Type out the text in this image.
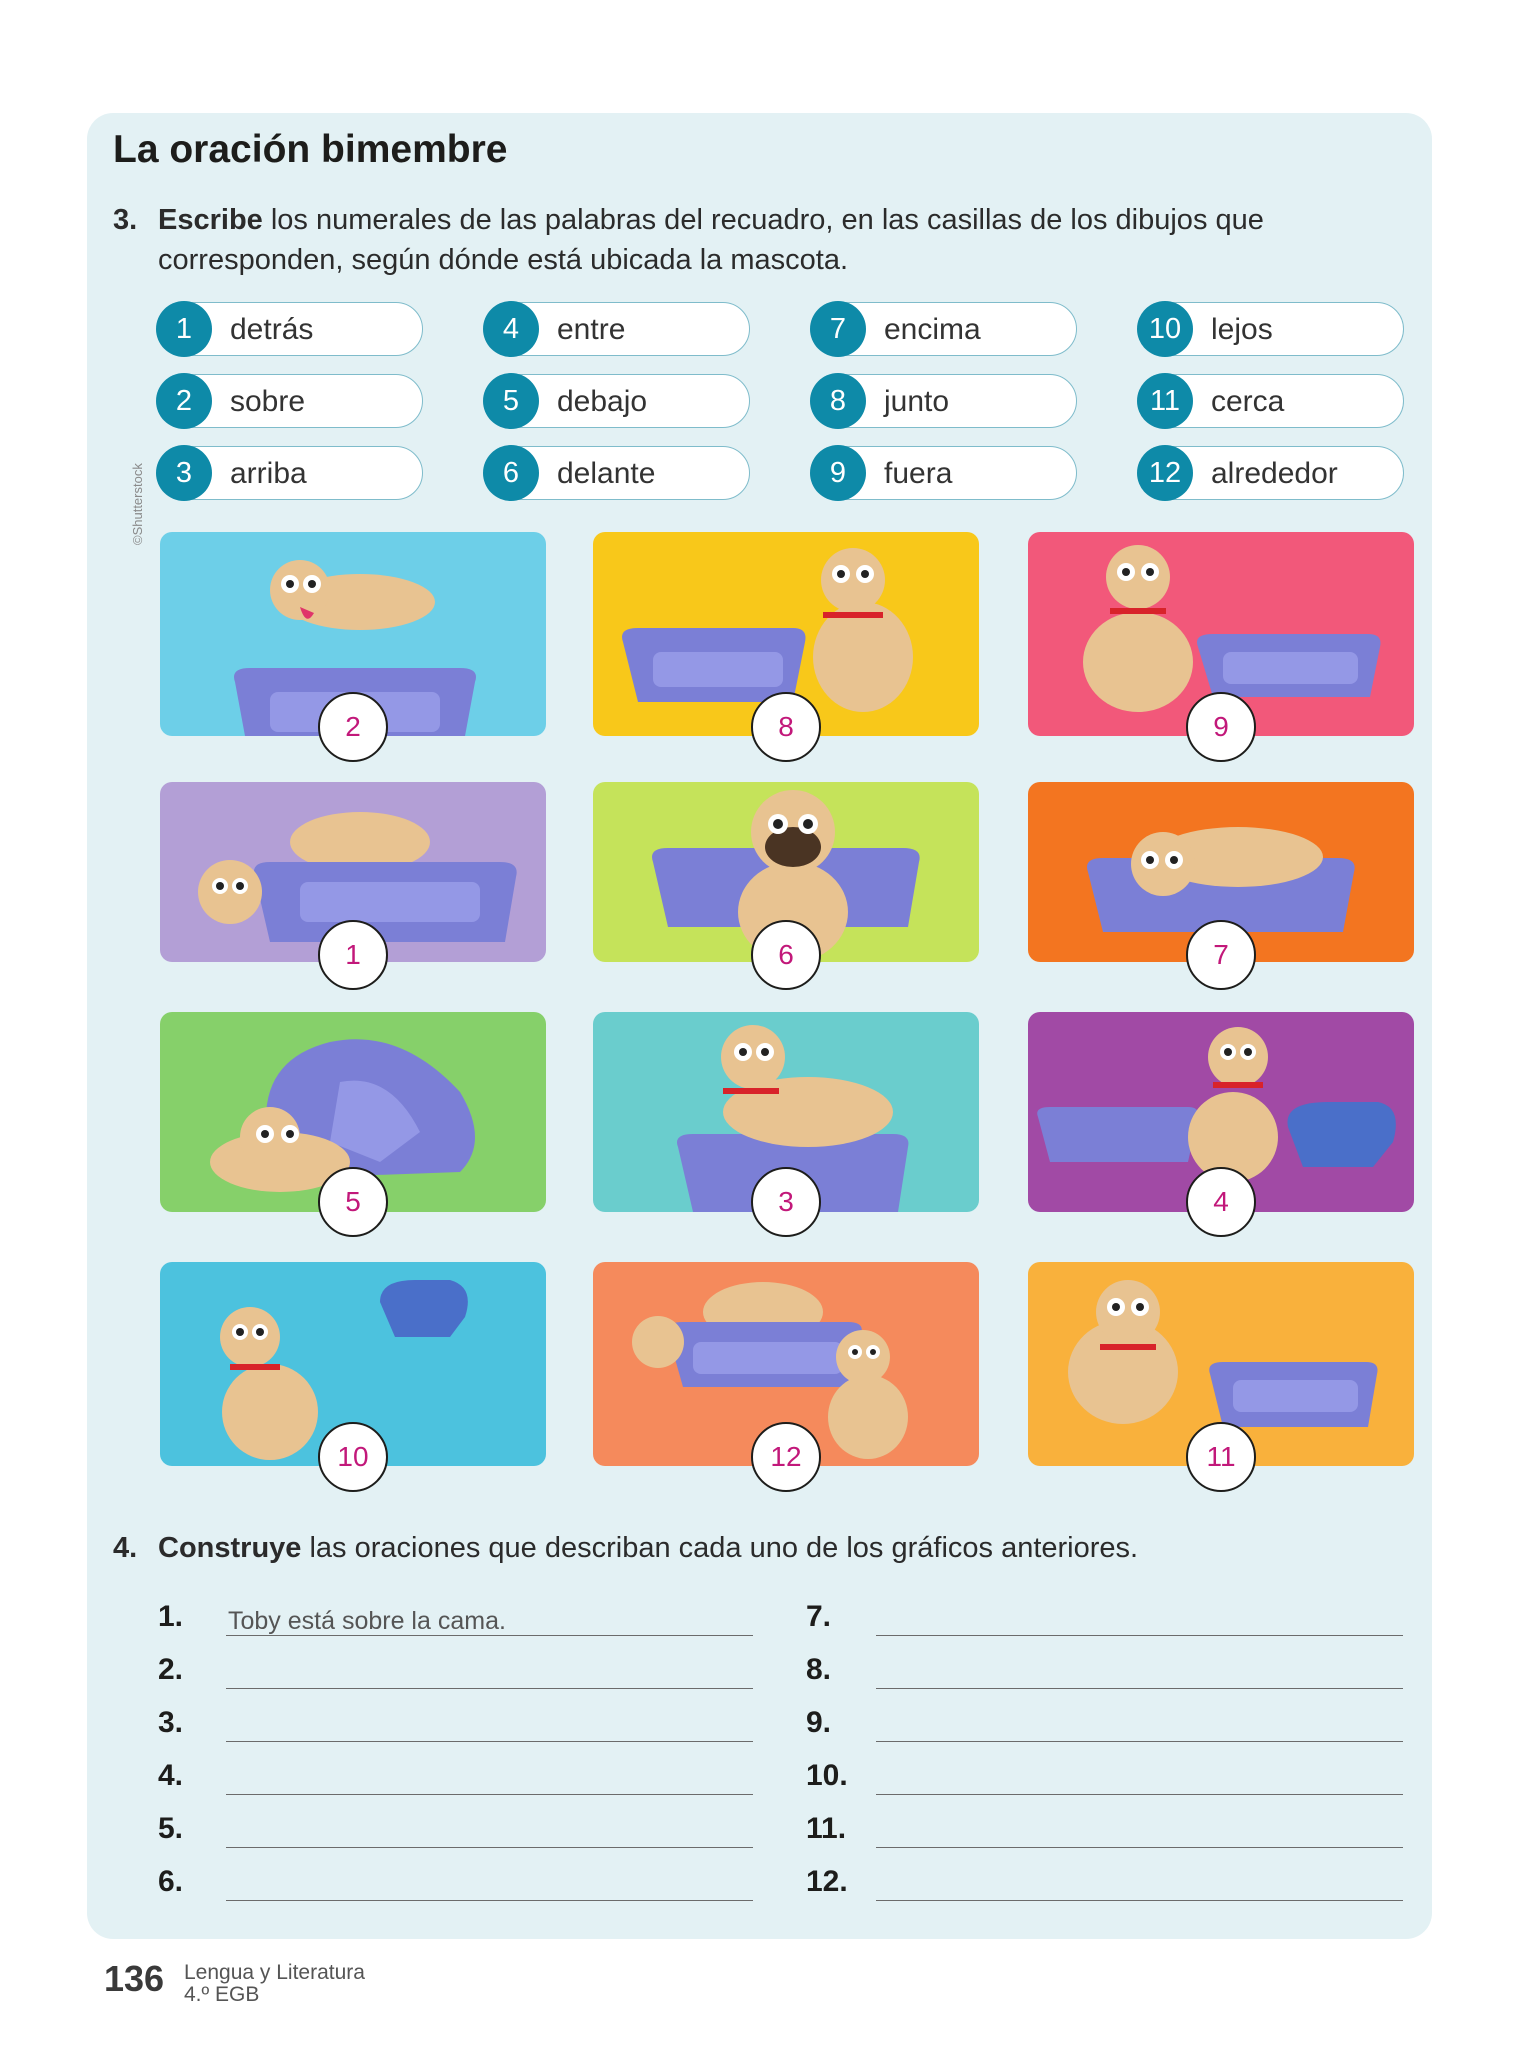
La oración bimembre
3. Escribe los numerales de las palabras del recuadro, en las casillas de los dibujos que
corresponden, según dónde está ubicada la mascota.
1	detrás
2	sobre
3	arriba
4	entre
5	debajo
6	delante
7	encima
8	junto
9	fuera
10 lejos
11	cerca
12 alrededor
©Shutterstock
2	8	9
1	6	7
5	3	4
10	12	11
4. Construye las oraciones que describan cada uno de los gráficos anteriores.
1. Toby está sobre la cama.
2.
3.
4.
5.
6.
7.
8.
9.
10.
11.
12.
136 Lengua y Literatura
4.º EGB
